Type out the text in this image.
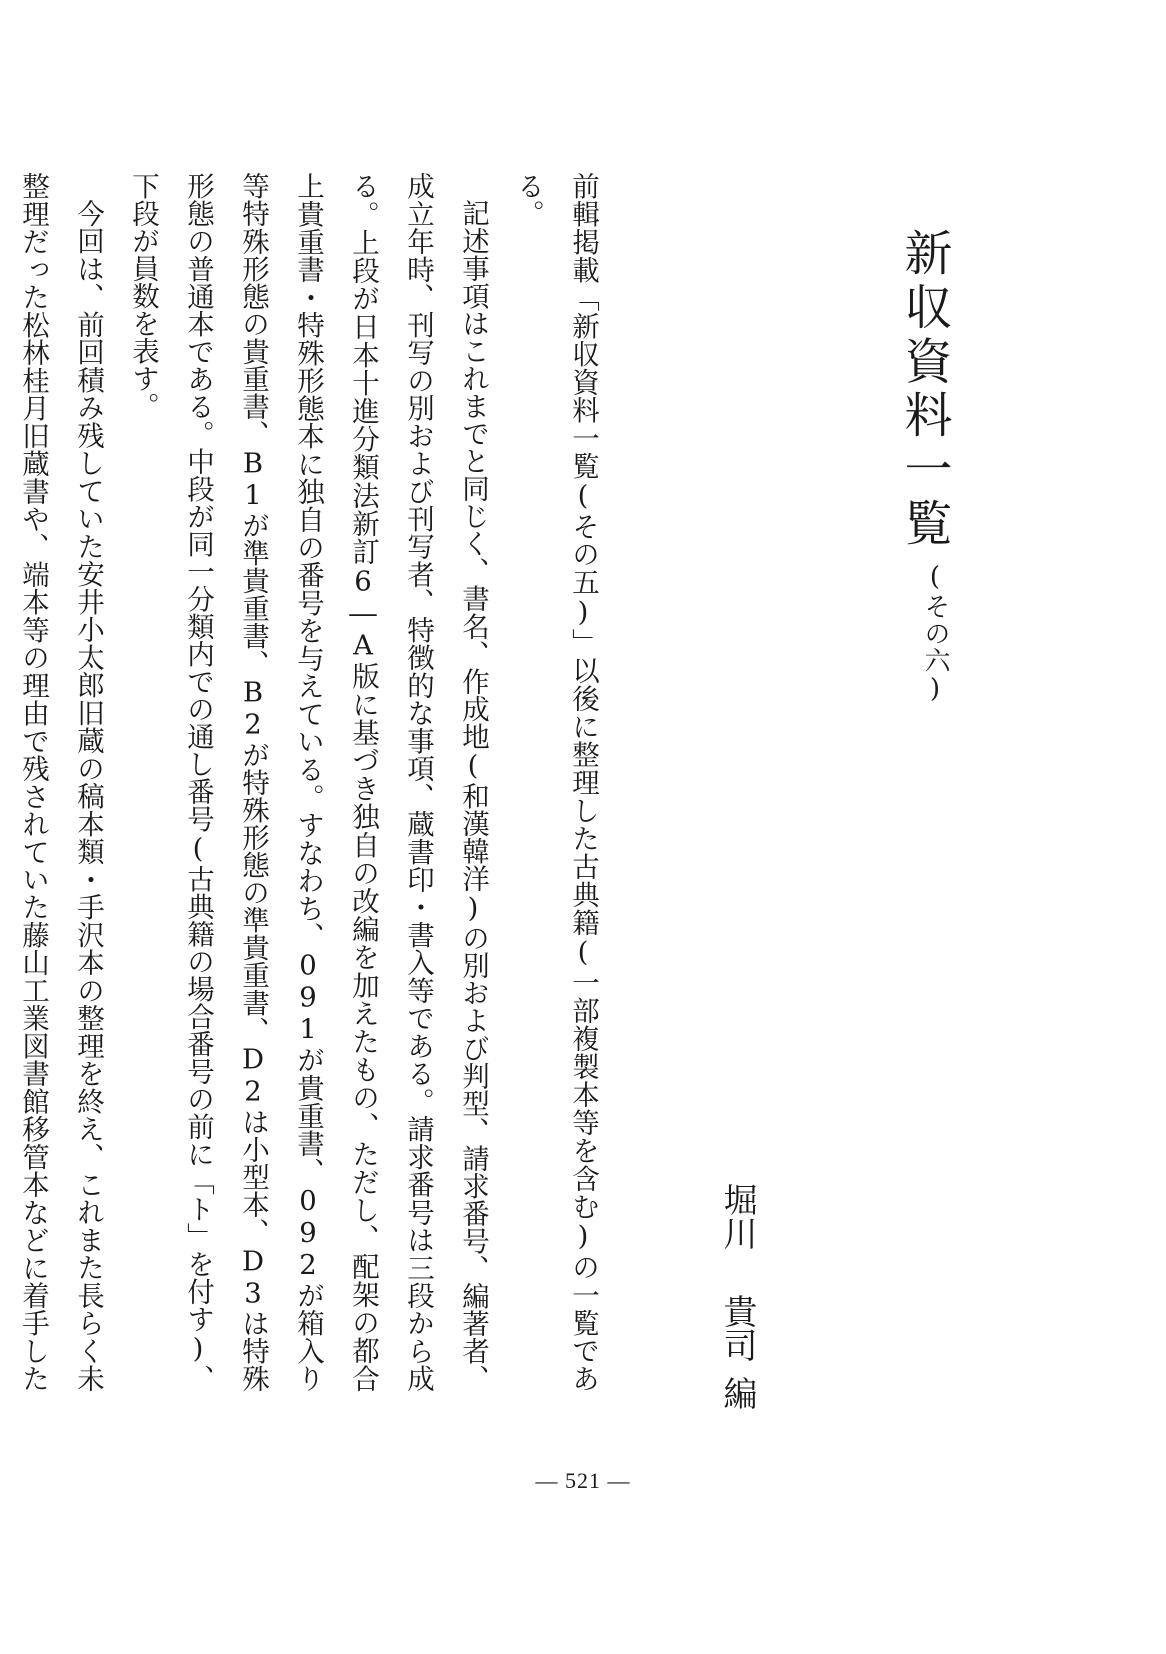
新収資料一覧
(その六)
堀川
貴司
編

前輯掲載「新収資料一覧(その五)」以後に整理した古典籍(一部複製本等を含む)の一覧である。

記述事項はこれまでと同じく、書名、作成地(和漢韓洋)の別および判型、請求番号、編著者、成立年時、刊写の別および刊写者、特徴的な事項、蔵書印・書入等である。請求番号は三段から成る。上段が日本十進分類法新訂6―A版に基づき独自の改編を加えたもの、ただし、配架の都合上貴重書・特殊形態本に独自の番号を与えている。すなわち、091が貴重書、092が箱入り等特殊形態の貴重書、B1が準貴重書、B2が特殊形態の準貴重書、D2は小型本、D3は特殊形態の普通本である。中段が同一分類内での通し番号(古典籍の場合番号の前に「ト」を付す)、下段が員数を表す。

今回は、前回積み残していた安井小太郎旧蔵の稿本類・手沢本の整理を終え、これまた長らく未整理だった松林桂月旧蔵書や、端本等の理由で残されていた藤山工業図書館移管本などに着手した

― 521 ―
